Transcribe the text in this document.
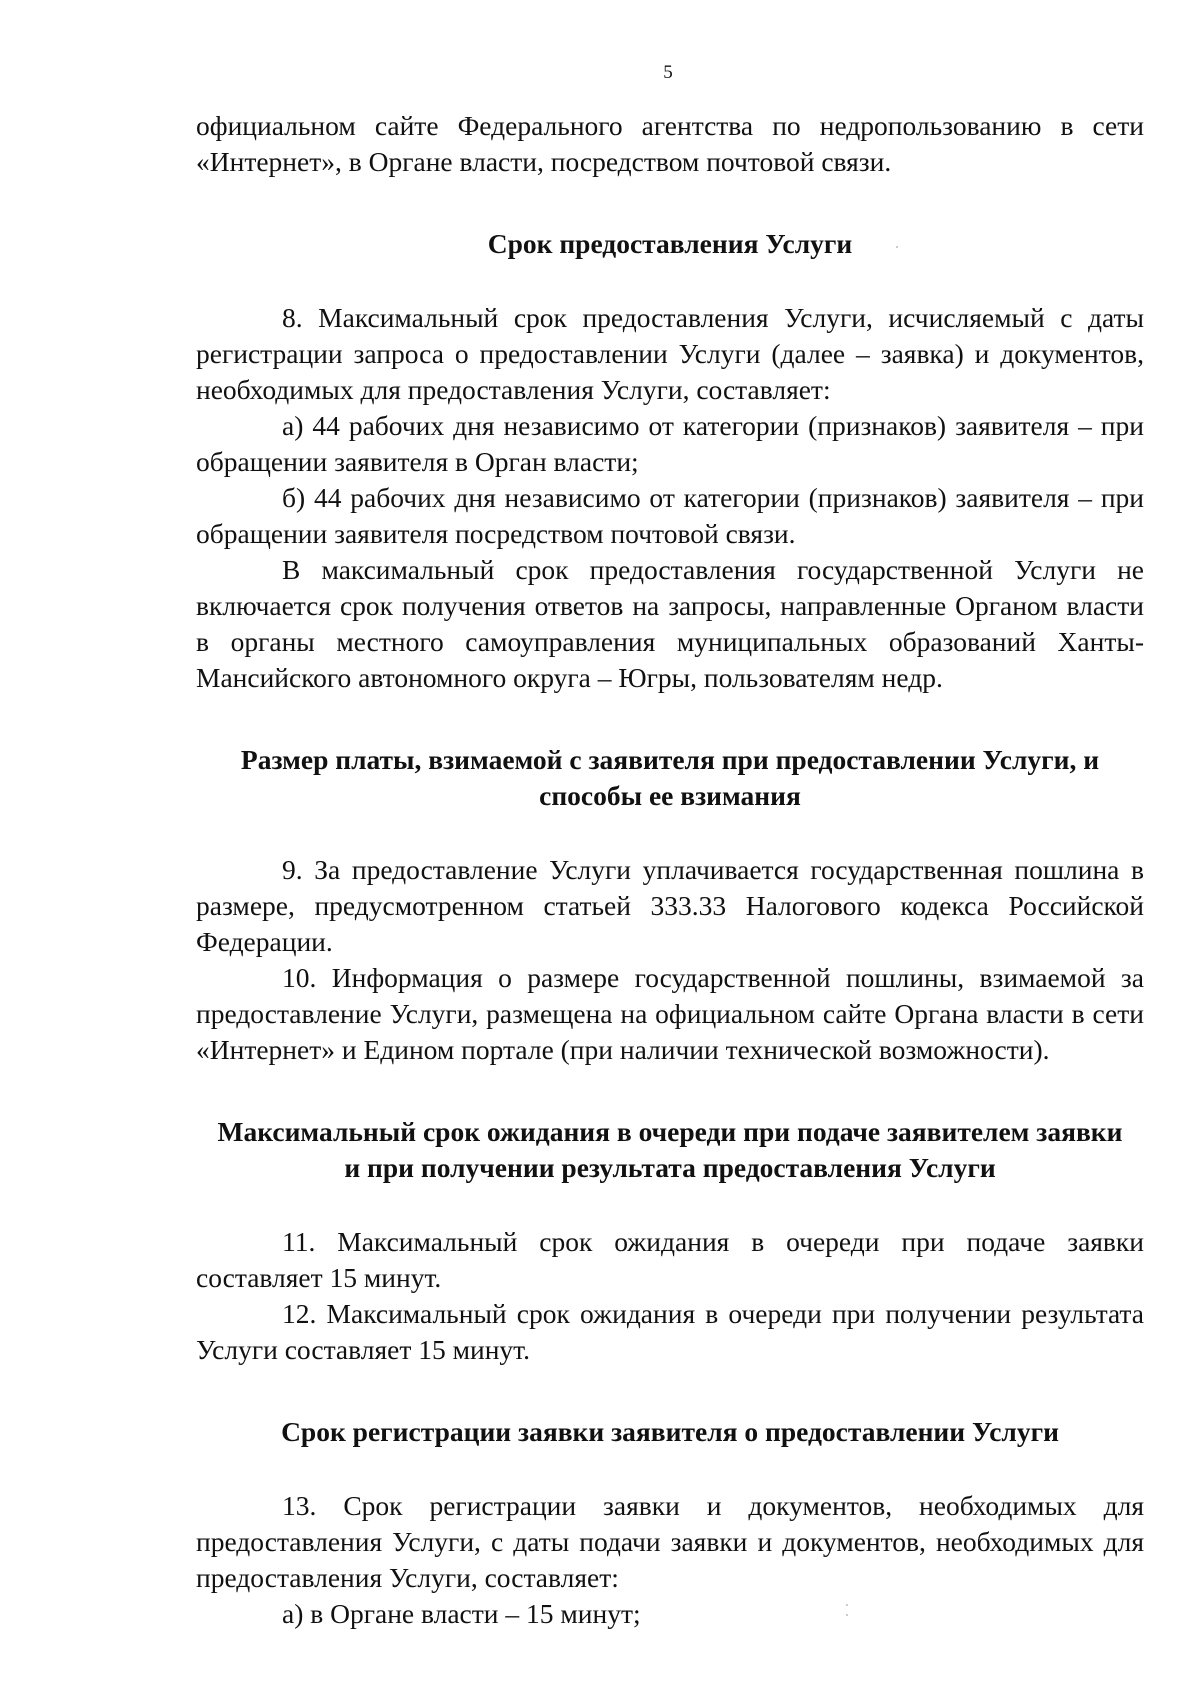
5

официальном сайте Федерального агентства по недропользованию в сети «Интернет», в Органе власти, посредством почтовой связи.

Срок предоставления Услуги

8. Максимальный срок предоставления Услуги, исчисляемый с даты регистрации запроса о предоставлении Услуги (далее – заявка) и документов, необходимых для предоставления Услуги, составляет:

а) 44 рабочих дня независимо от категории (признаков) заявителя – при обращении заявителя в Орган власти;

б) 44 рабочих дня независимо от категории (признаков) заявителя – при обращении заявителя посредством почтовой связи.

В максимальный срок предоставления государственной Услуги не включается срок получения ответов на запросы, направленные Органом власти в органы местного самоуправления муниципальных образований Ханты-Мансийского автономного округа – Югры, пользователям недр.

Размер платы, взимаемой с заявителя при предоставлении Услуги, и
способы ее взимания

9. За предоставление Услуги уплачивается государственная пошлина в размере, предусмотренном статьей 333.33 Налогового кодекса Российской Федерации.

10. Информация о размере государственной пошлины, взимаемой за предоставление Услуги, размещена на официальном сайте Органа власти в сети «Интернет» и Едином портале (при наличии технической возможности).

Максимальный срок ожидания в очереди при подаче заявителем заявки
и при получении результата предоставления Услуги

11. Максимальный срок ожидания в очереди при подаче заявки составляет 15 минут.

12. Максимальный срок ожидания в очереди при получении результата Услуги составляет 15 минут.

Срок регистрации заявки заявителя о предоставлении Услуги

13. Срок регистрации заявки и документов, необходимых для предоставления Услуги, с даты подачи заявки и документов, необходимых для предоставления Услуги, составляет:

а) в Органе власти – 15 минут;
